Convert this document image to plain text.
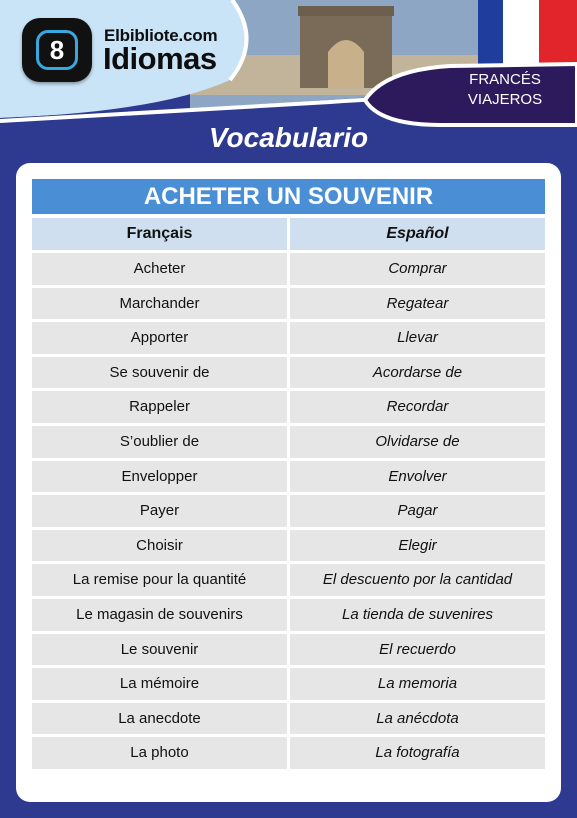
8 Elbibliote.com
Idiomas
FRANCÉS
VIAJEROS
Vocabulario
ACHETER UN SOUVENIR
Français	Español
Acheter	Comprar
Marchander	Regatear
Apporter	Llevar
Se souvenir de	Acordarse de
Rappeler	Recordar
S’oublier de	Olvidarse de
Envelopper	Envolver
Payer	Pagar
Choisir	Elegir
La remise pour la quantité	El descuento por la cantidad
Le magasin de souvenirs	La tienda de suvenires
Le souvenir	El recuerdo
La mémoire	La memoria
La anecdote	La anécdota
La photo	La fotografía
